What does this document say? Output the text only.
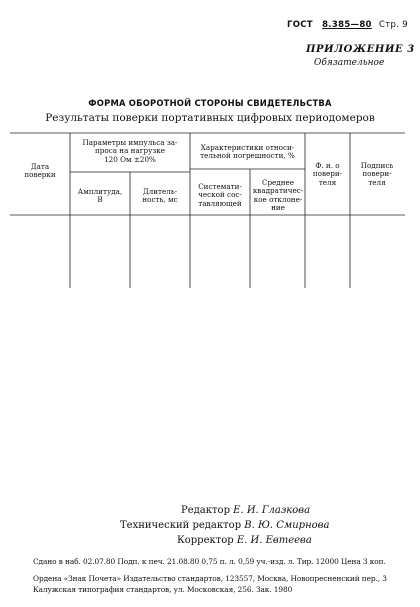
ГОСТ 8.385—80 Стр. 9
ПРИЛОЖЕНИЕ 3
Обязательное
ФОРМА ОБОРОТНОЙ СТОРОНЫ СВИДЕТЕЛЬСТВА
Результаты поверки портативных цифровых периодомеров
Дата
поверки
Параметры импульса за-
проса на нагрузке
120 Ом ±20%
Амплитуда,
В
Длитель-
ность, мс
Характеристики относи-
тельной погрешности, %
Системати-
ческой сос-
тавляющей
Среднее
квадратичес-
кое отклоне-
ние
Ф. и. о
повери-
теля
Подпись
повери-
теля
Редактор Е. И. Глазкова
Технический редактор В. Ю. Смирнова
Корректор Е. И. Евтеева
Сдано в наб. 02.07.80 Подп. к печ. 21.08.80 0,75 п. л. 0,59 уч.-изд. л. Тир. 12000 Цена 3 коп.
Ордена «Знак Почета» Издательство стандартов, 123557, Москва, Новопресненский пер., 3
Калужская типография стандартов, ул. Московская, 256. Зак. 1980
